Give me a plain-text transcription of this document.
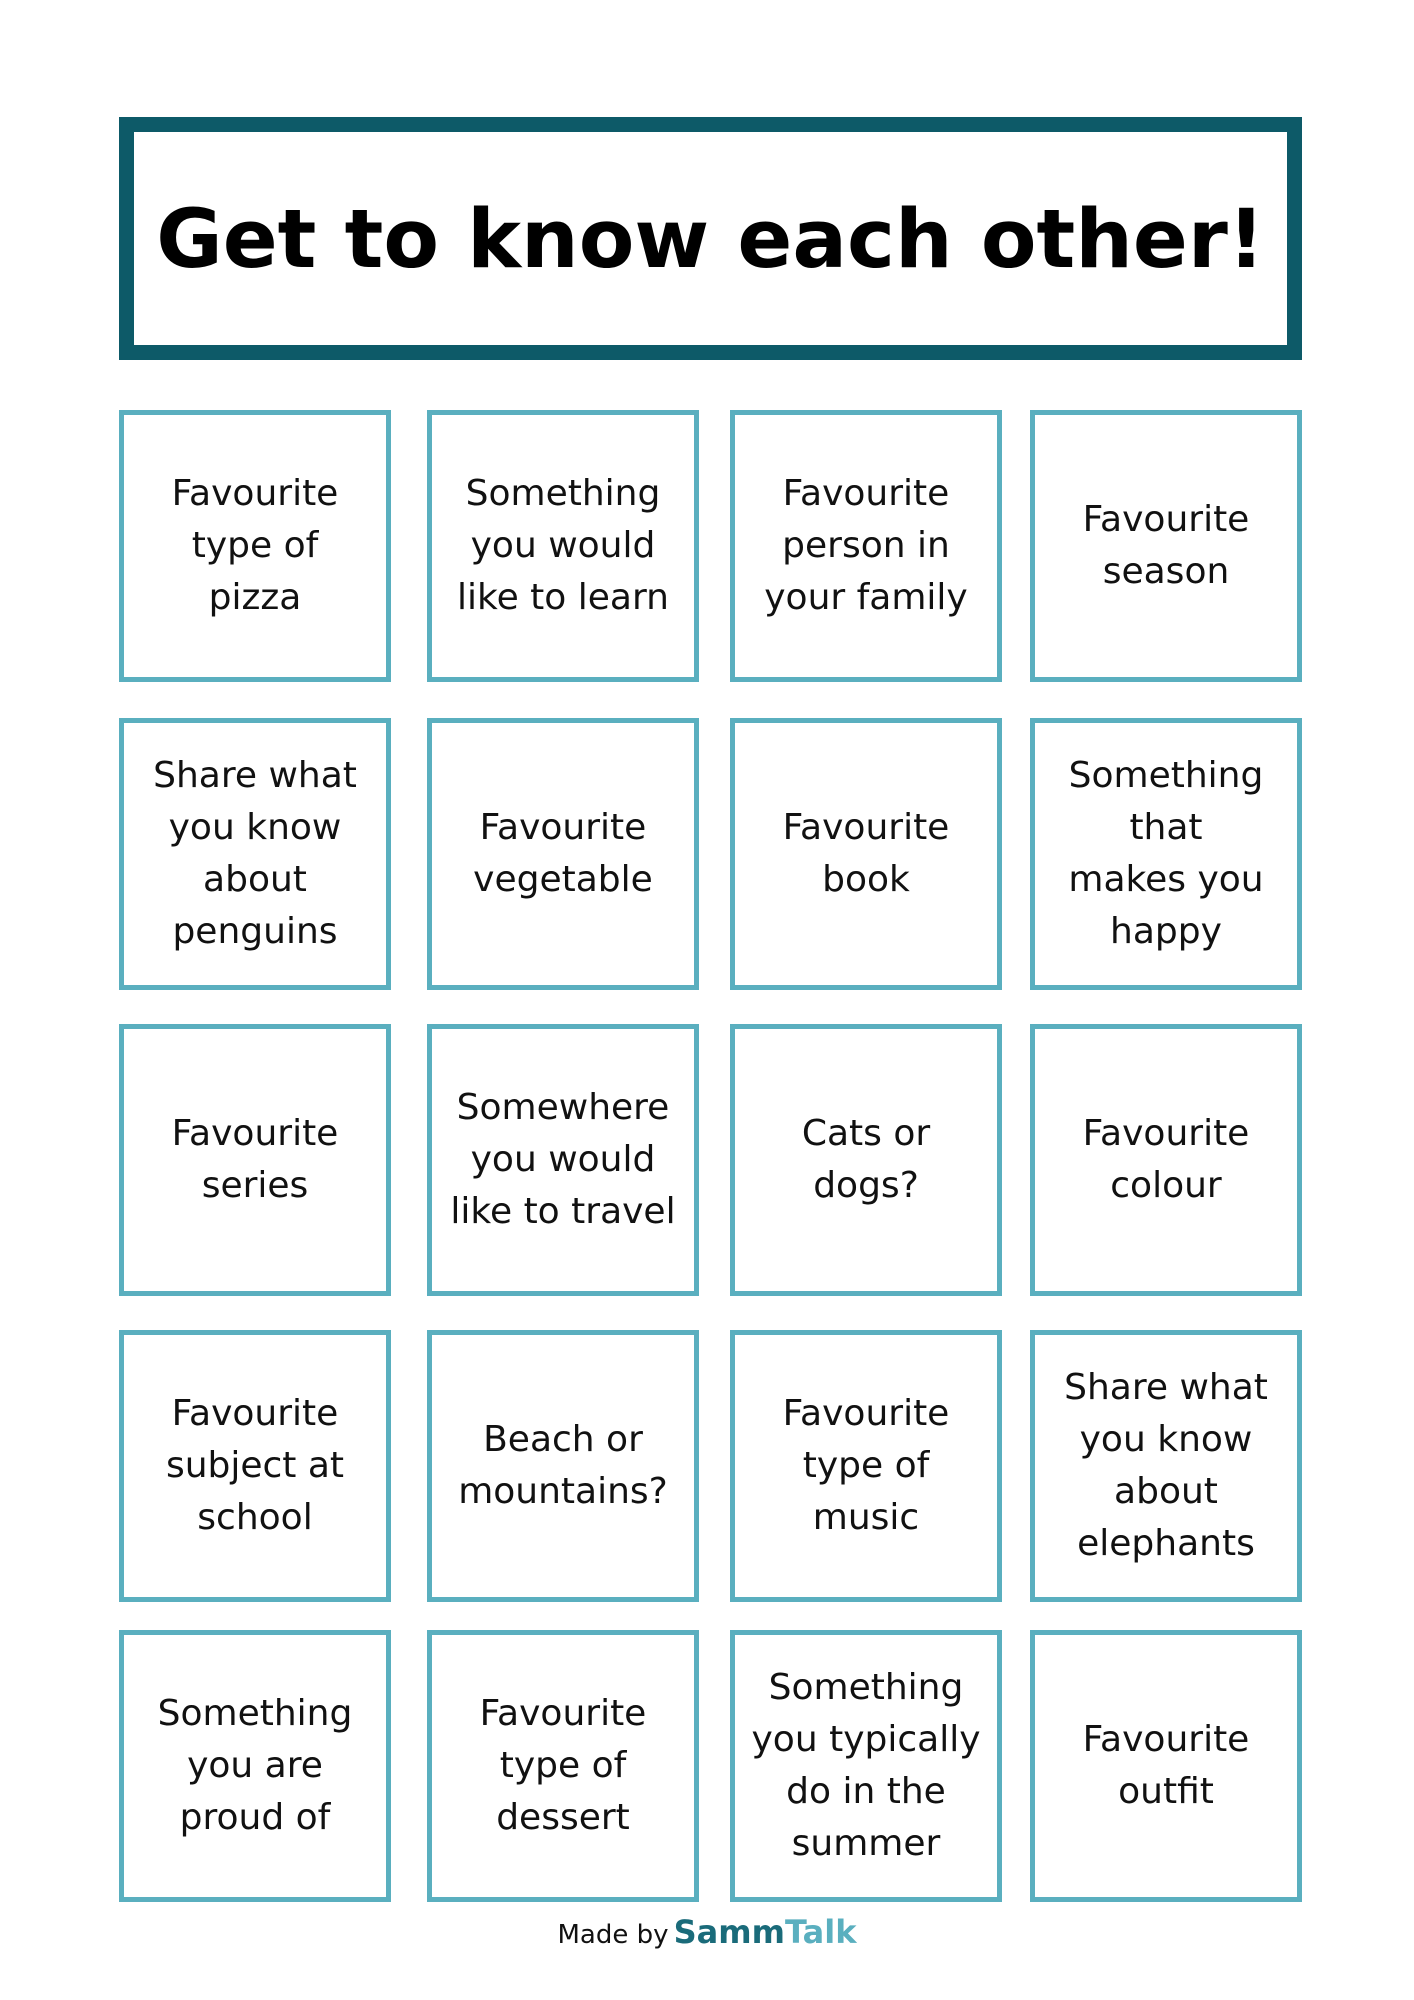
Get to know each other!
Favourite
type of
pizza
Something
you would
like to learn
Favourite
person in
your family
Favourite
season
Share what
you know
about
penguins
Favourite
vegetable
Favourite
book
Something
that
makes you
happy
Favourite
series
Somewhere
you would
like to travel
Cats or
dogs?
Favourite
colour
Favourite
subject at
school
Beach or
mountains?
Favourite
type of
music
Share what
you know
about
elephants
Something
you are
proud of
Favourite
type of
dessert
Something
you typically
do in the
summer
Favourite
outfit
Made by SammTalk
